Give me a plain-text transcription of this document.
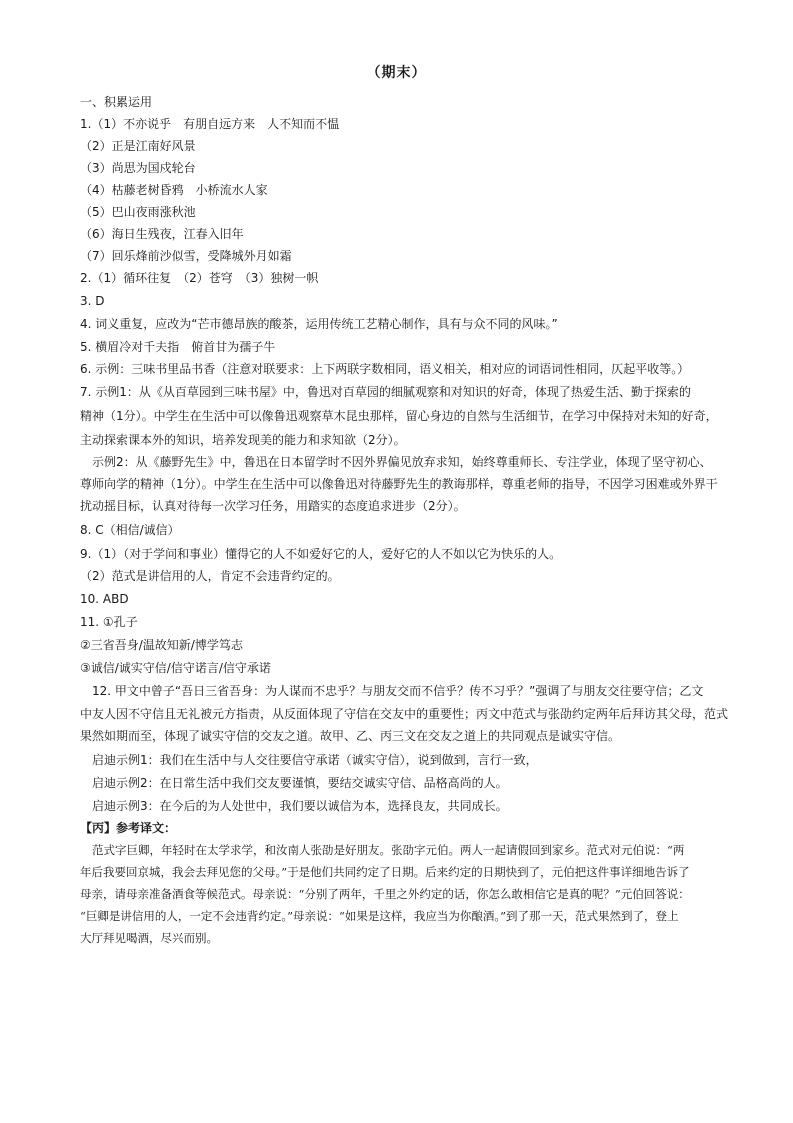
（期末）
一、积累运用
1.（1）不亦说乎　有朋自远方来　人不知而不愠
（2）正是江南好风景
（3）尚思为国戍轮台
（4）枯藤老树昏鸦　小桥流水人家
（5）巴山夜雨涨秋池
（6）海日生残夜，江春入旧年
（7）回乐烽前沙似雪，受降城外月如霜
2.（1）循环往复　（2）苍穹　（3）独树一帜
3. D
4. 词义重复，应改为“芒市德昂族的酸茶，运用传统工艺精心制作，具有与众不同的风味。”
5. 横眉冷对千夫指　俯首甘为孺子牛
6. 示例：三味书里品书香（注意对联要求：上下两联字数相同，语义相关，相对应的词语词性相同，仄起平收等。）
7. 示例1：从《从百草园到三味书屋》中，鲁迅对百草园的细腻观察和对知识的好奇，体现了热爱生活、勤于探索的
精神（1分）。中学生在生活中可以像鲁迅观察草木昆虫那样，留心身边的自然与生活细节，在学习中保持对未知的好奇，
主动探索课本外的知识，培养发现美的能力和求知欲（2分）。
示例2：从《藤野先生》中，鲁迅在日本留学时不因外界偏见放弃求知，始终尊重师长、专注学业，体现了坚守初心、
尊师向学的精神（1分）。中学生在生活中可以像鲁迅对待藤野先生的教诲那样，尊重老师的指导，不因学习困难或外界干
扰动摇目标，认真对待每一次学习任务，用踏实的态度追求进步（2分）。
8. C（相信/诚信）
9.（1）（对于学问和事业）懂得它的人不如爱好它的人，爱好它的人不如以它为快乐的人。
（2）范式是讲信用的人，肯定不会违背约定的。
10. ABD
11. ①孔子
②三省吾身/温故知新/博学笃志
③诚信/诚实守信/信守诺言/信守承诺
12. 甲文中曾子“吾日三省吾身：为人谋而不忠乎？与朋友交而不信乎？传不习乎？”强调了与朋友交往要守信；乙文
中友人因不守信且无礼被元方指责，从反面体现了守信在交友中的重要性；丙文中范式与张劭约定两年后拜访其父母，范式
果然如期而至，体现了诚实守信的交友之道。故甲、乙、丙三文在交友之道上的共同观点是诚实守信。
启迪示例1：我们在生活中与人交往要信守承诺（诚实守信），说到做到，言行一致，
启迪示例2：在日常生活中我们交友要谨慎，要结交诚实守信、品格高尚的人。
启迪示例3：在今后的为人处世中，我们要以诚信为本，选择良友，共同成长。
【丙】参考译文：
范式字巨卿，年轻时在太学求学，和汝南人张劭是好朋友。张劭字元伯。两人一起请假回到家乡。范式对元伯说：“两
年后我要回京城，我会去拜见您的父母。”于是他们共同约定了日期。后来约定的日期快到了，元伯把这件事详细地告诉了
母亲，请母亲准备酒食等候范式。母亲说：“分别了两年，千里之外约定的话，你怎么敢相信它是真的呢？”元伯回答说：
“巨卿是讲信用的人，一定不会违背约定。”母亲说：“如果是这样，我应当为你酿酒。”到了那一天，范式果然到了，登上
大厅拜见喝酒，尽兴而别。
